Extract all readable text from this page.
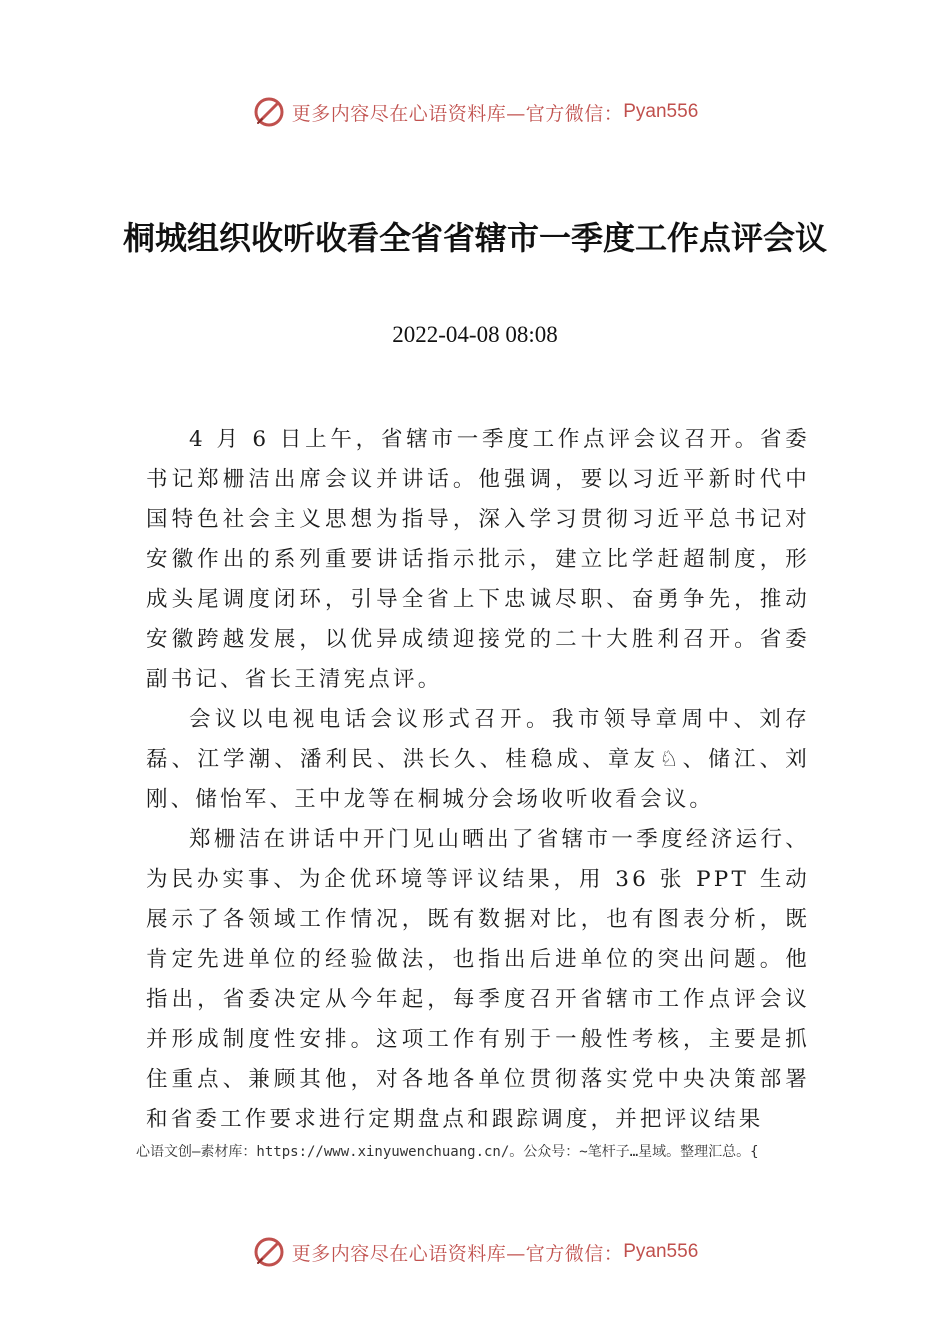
更多内容尽在心语资料库—官方微信： Pyan556
桐城组织收听收看全省省辖市一季度工作点评会议
2022-04-08 08:08

4 月 6 日上午，省辖市一季度工作点评会议召开。省委书记郑栅洁出席会议并讲话。他强调，要以习近平新时代中国特色社会主义思想为指导，深入学习贯彻习近平总书记对安徽作出的系列重要讲话指示批示，建立比学赶超制度，形成头尾调度闭环，引导全省上下忠诚尽职、奋勇争先，推动安徽跨越发展，以优异成绩迎接党的二十大胜利召开。省委副书记、省长王清宪点评。

会议以电视电话会议形式召开。我市领导章周中、刘存磊、江学潮、潘利民、洪长久、桂稳成、章友♘、储江、刘刚、储怡军、王中龙等在桐城分会场收听收看会议。

郑栅洁在讲话中开门见山晒出了省辖市一季度经济运行、为民办实事、为企优环境等评议结果，用 36 张 PPT 生动展示了各领域工作情况，既有数据对比，也有图表分析，既肯定先进单位的经验做法，也指出后进单位的突出问题。他指出，省委决定从今年起，每季度召开省辖市工作点评会议并形成制度性安排。这项工作有别于一般性考核，主要是抓住重点、兼顾其他，对各地各单位贯彻落实党中央决策部署和省委工作要求进行定期盘点和跟踪调度，并把评议结果

心语文创—素材库：https://www.xinyuwenchuang.cn/。公众号：~笔杆子…星域。整理汇总。{
更多内容尽在心语资料库—官方微信： Pyan556
